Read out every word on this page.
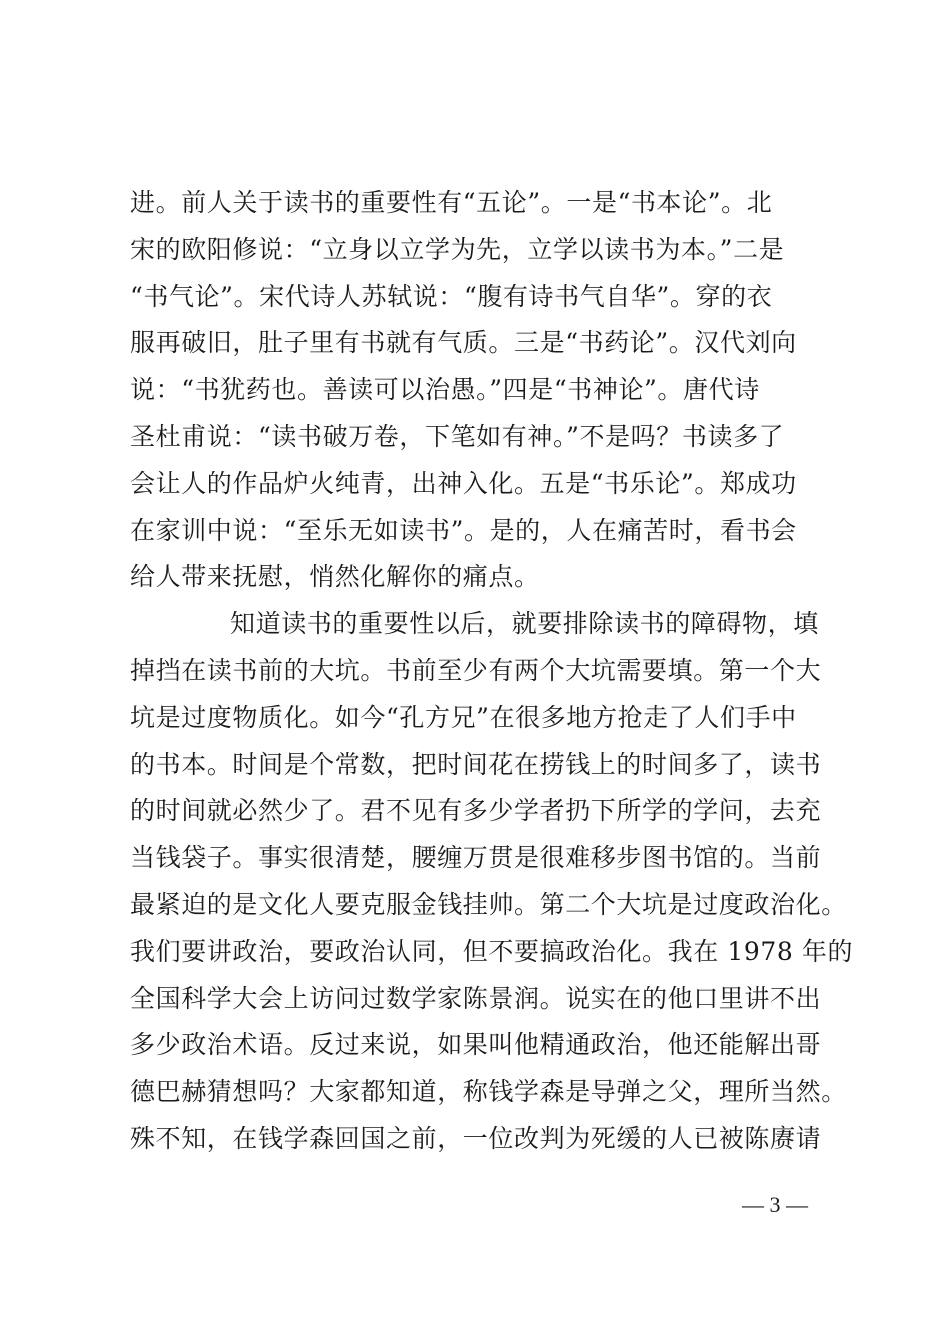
进。前人关于读书的重要性有“五论”。一是“书本论”。北
宋的欧阳修说：“立身以立学为先，立学以读书为本。”二是
“书气论”。宋代诗人苏轼说：“腹有诗书气自华”。穿的衣
服再破旧，肚子里有书就有气质。三是“书药论”。汉代刘向
说：“书犹药也。善读可以治愚。”四是“书神论”。唐代诗
圣杜甫说：“读书破万卷，下笔如有神。”不是吗？书读多了
会让人的作品炉火纯青，出神入化。五是“书乐论”。郑成功
在家训中说：“至乐无如读书”。是的，人在痛苦时，看书会
给人带来抚慰，悄然化解你的痛点。
知道读书的重要性以后，就要排除读书的障碍物，填
掉挡在读书前的大坑。书前至少有两个大坑需要填。第一个大
坑是过度物质化。如今“孔方兄”在很多地方抢走了人们手中
的书本。时间是个常数，把时间花在捞钱上的时间多了，读书
的时间就必然少了。君不见有多少学者扔下所学的学问，去充
当钱袋子。事实很清楚，腰缠万贯是很难移步图书馆的。当前
最紧迫的是文化人要克服金钱挂帅。第二个大坑是过度政治化。
我们要讲政治，要政治认同，但不要搞政治化。我在 1978 年的
全国科学大会上访问过数学家陈景润。说实在的他口里讲不出
多少政治术语。反过来说，如果叫他精通政治，他还能解出哥
德巴赫猜想吗？大家都知道，称钱学森是导弹之父，理所当然。
殊不知，在钱学森回国之前，一位改判为死缓的人已被陈赓请
— 3 —
